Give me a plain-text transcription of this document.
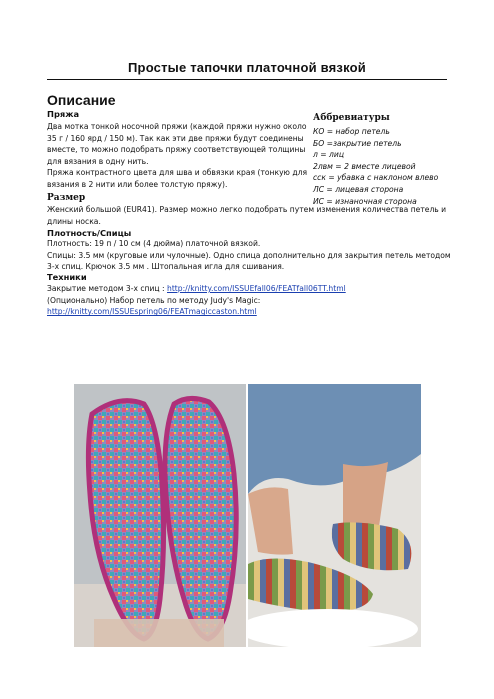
Простые тапочки платочной вязкой
Описание
Пряжа

Два мотка тонкой носочной пряжи (каждой пряжи нужно около

35 г / 160 ярд / 150 м). Так как эти две пряжи будут соединены

вместе, то можно подобрать пряжу соответствующей толщины

для вязания в одну нить.

Пряжа контрастного цвета для шва и обвязки края (тонкую для

вязания в 2 нити или более толстую пряжу).

Аббревиатуры
КО = набор петель
БО =закрытие петель
л = лиц
2лвм = 2 вместе лицевой
сск = убавка с наклоном влево
ЛС = лицевая сторона
ИС = изнаночная сторона
Размер

Женский большой (EUR41). Размер можно легко подобрать путем изменения количества петель и

длины носка.

Плотность/Спицы

Плотность: 19 п / 10 см (4 дюйма) платочной вязкой.

Спицы: 3.5 мм (круговые или чулочные). Одно спица дополнительно для закрытия петель методом

3-х спиц. Крючок 3.5 мм . Штопальная игла для сшивания.

Техники

Закрытие методом 3-х спиц : http://knitty.com/ISSUEfall06/FEATfall06TT.html

(Опционально) Набор петель по методу Judy's Magic:

http://knitty.com/ISSUEspring06/FEATmagiccaston.html
